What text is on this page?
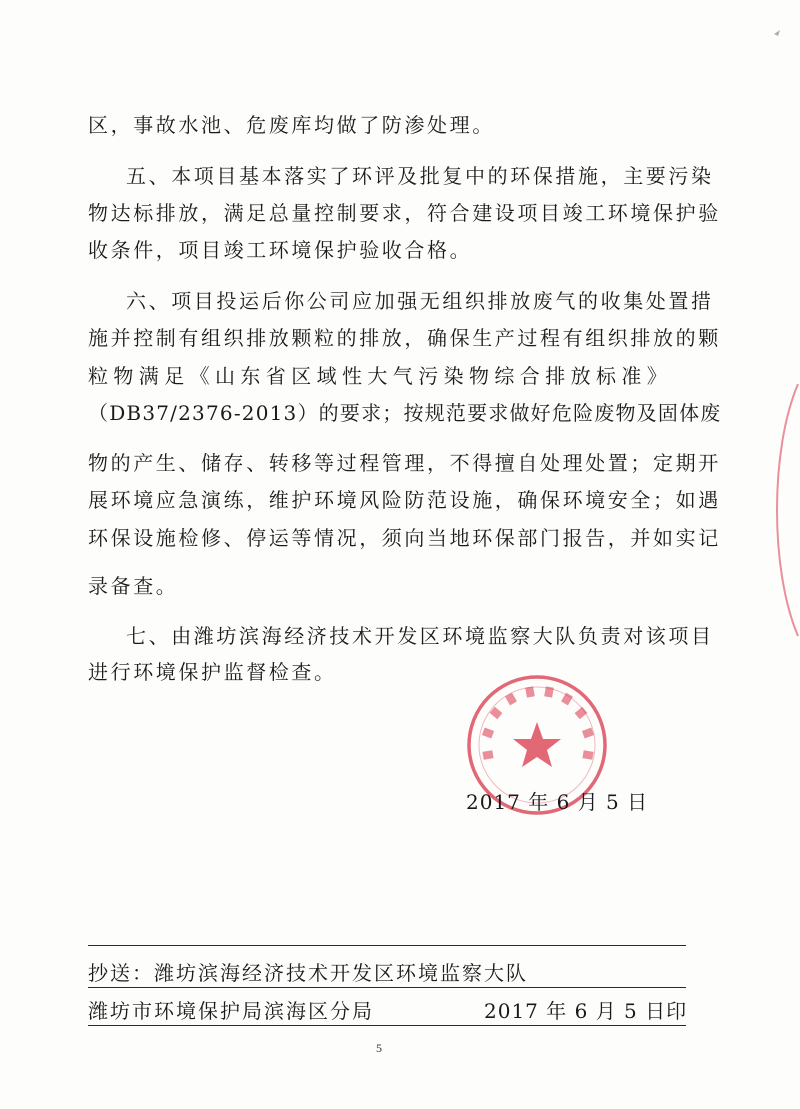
区，事故水池、危废库均做了防渗处理。
五、本项目基本落实了环评及批复中的环保措施，主要污染
物达标排放，满足总量控制要求，符合建设项目竣工环境保护验
收条件，项目竣工环境保护验收合格。
六、项目投运后你公司应加强无组织排放废气的收集处置措
施并控制有组织排放颗粒的排放，确保生产过程有组织排放的颗
粒物满足《山东省区域性大气污染物综合排放标准》
（DB37/2376-2013）的要求；按规范要求做好危险废物及固体废
物的产生、储存、转移等过程管理，不得擅自处理处置；定期开
展环境应急演练，维护环境风险防范设施，确保环境安全；如遇
环保设施检修、停运等情况，须向当地环保部门报告，并如实记
录备查。
七、由潍坊滨海经济技术开发区环境监察大队负责对该项目
进行环境保护监督检查。
2017 年 6 月 5 日
抄送：潍坊滨海经济技术开发区环境监察大队
潍坊市环境保护局滨海区分局	2017 年 6 月 5 日印
5
